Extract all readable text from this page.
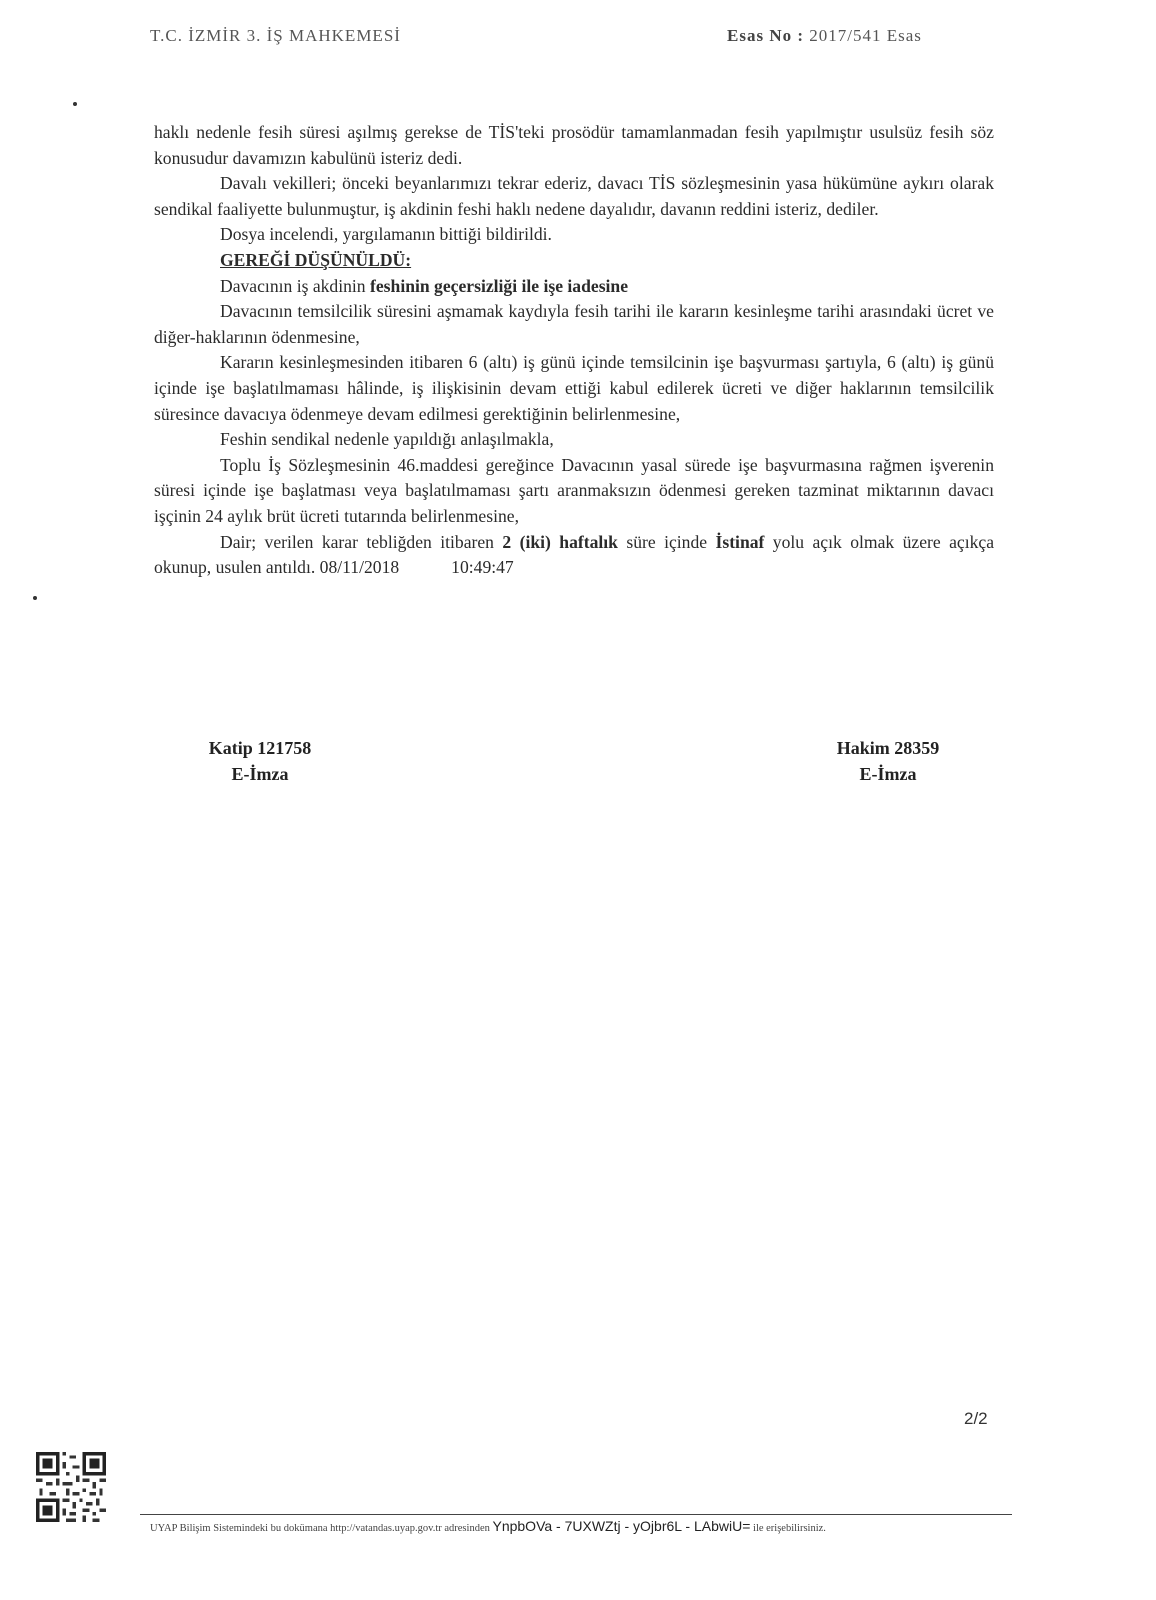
T.C. İZMİR 3. İŞ MAHKEMESİ	Esas No : 2017/541 Esas

haklı nedenle fesih süresi aşılmış gerekse de TİS'teki prosödür tamamlanmadan fesih yapılmıştır usulsüz fesih söz konusudur davamızın kabulünü isteriz dedi.

Davalı vekilleri; önceki beyanlarımızı tekrar ederiz, davacı TİS sözleşmesinin yasa hükümüne aykırı olarak sendikal faaliyette bulunmuştur, iş akdinin feshi haklı nedene dayalıdır, davanın reddini isteriz, dediler.

Dosya incelendi, yargılamanın bittiği bildirildi.

GEREĞİ DÜŞÜNÜLDÜ:

Davacının iş akdinin feshinin geçersizliği ile işe iadesine

Davacının temsilcilik süresini aşmamak kaydıyla fesih tarihi ile kararın kesinleşme tarihi arasındaki ücret ve diğer-haklarının ödenmesine,

Kararın kesinleşmesinden itibaren 6 (altı) iş günü içinde temsilcinin işe başvurması şartıyla, 6 (altı) iş günü içinde işe başlatılmaması hâlinde, iş ilişkisinin devam ettiği kabul edilerek ücreti ve diğer haklarının temsilcilik süresince davacıya ödenmeye devam edilmesi gerektiğinin belirlenmesine,

Feshin sendikal nedenle yapıldığı anlaşılmakla,

Toplu İş Sözleşmesinin 46.maddesi gereğince Davacının yasal sürede işe başvurmasına rağmen işverenin süresi içinde işe başlatması veya başlatılmaması şartı aranmaksızın ödenmesi gereken tazminat miktarının davacı işçinin 24 aylık brüt ücreti tutarında belirlenmesine,

Dair; verilen karar tebliğden itibaren 2 (iki) haftalık süre içinde İstinaf yolu açık olmak üzere açıkça okunup, usulen antıldı. 08/11/2018	10:49:47

Katip 121758
E-İmza
Hakim 28359
E-İmza
2/2
UYAP Bilişim Sistemindeki bu dokümana http://vatandas.uyap.gov.tr adresinden YnpbOVa - 7UXWZtj - yOjbr6L - LAbwiU= ile erişebilirsiniz.
